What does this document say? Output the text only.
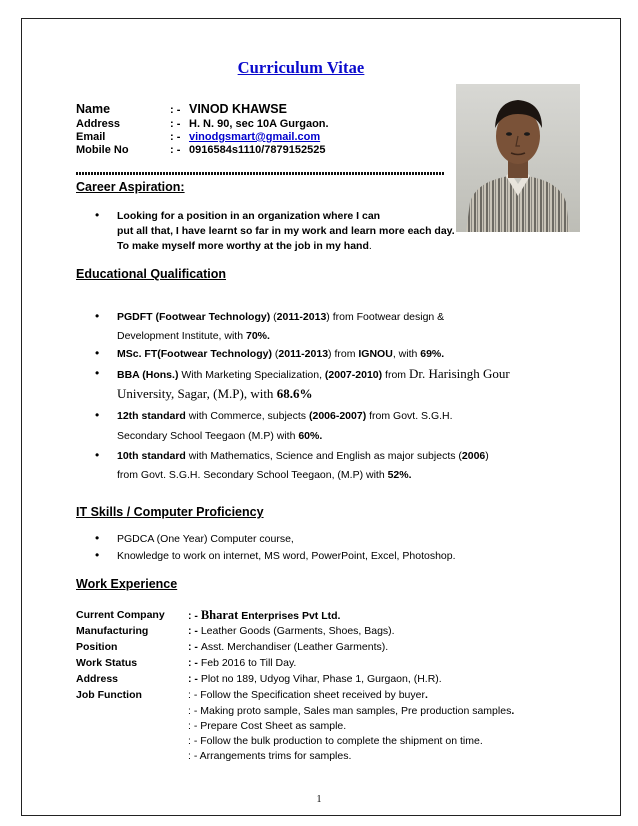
Curriculum Vitae
Name	: - VINOD KHAWSE
Address	: - H. N. 90, sec 10A Gurgaon.
Email	: - vinodgsmart@gmail.com
Mobile No	: - 0916584s1110/7879152525
Career Aspiration:
• Looking for a position in an organization where I can
put all that, I have learnt so far in my work and learn more each day.
To make myself more worthy at the job in my hand.
Educational Qualification
• PGDFT (Footwear Technology) (2011-2013) from Footwear design &
Development Institute, with 70%.
• MSc. FT(Footwear Technology) (2011-2013) from IGNOU, with 69%.
• BBA (Hons.) With Marketing Specialization, (2007-2010) from Dr. Harisingh Gour
University, Sagar, (M.P), with 68.6%
• 12th standard with Commerce, subjects (2006-2007) from Govt. S.G.H.
Secondary School Teegaon (M.P) with 60%.
• 10th standard with Mathematics, Science and English as major subjects (2006)
from Govt. S.G.H. Secondary School Teegaon, (M.P) with 52%.
IT Skills / Computer Proficiency
• PGDCA (One Year) Computer course,
• Knowledge to work on internet, MS word, PowerPoint, Excel, Photoshop.
Work Experience
Current Company : - Bharat Enterprises Pvt Ltd.
Manufacturing	: - Leather Goods (Garments, Shoes, Bags).
Position	: - Asst. Merchandiser (Leather Garments).
Work Status	: - Feb 2016 to Till Day.
Address	: - Plot no 189, Udyog Vihar, Phase 1, Gurgaon, (H.R).
Job Function	: - Follow the Specification sheet received by buyer.
: - Making proto sample, Sales man samples, Pre production samples.
: - Prepare Cost Sheet as sample.
: - Follow the bulk production to complete the shipment on time.
: - Arrangements trims for samples.
1
